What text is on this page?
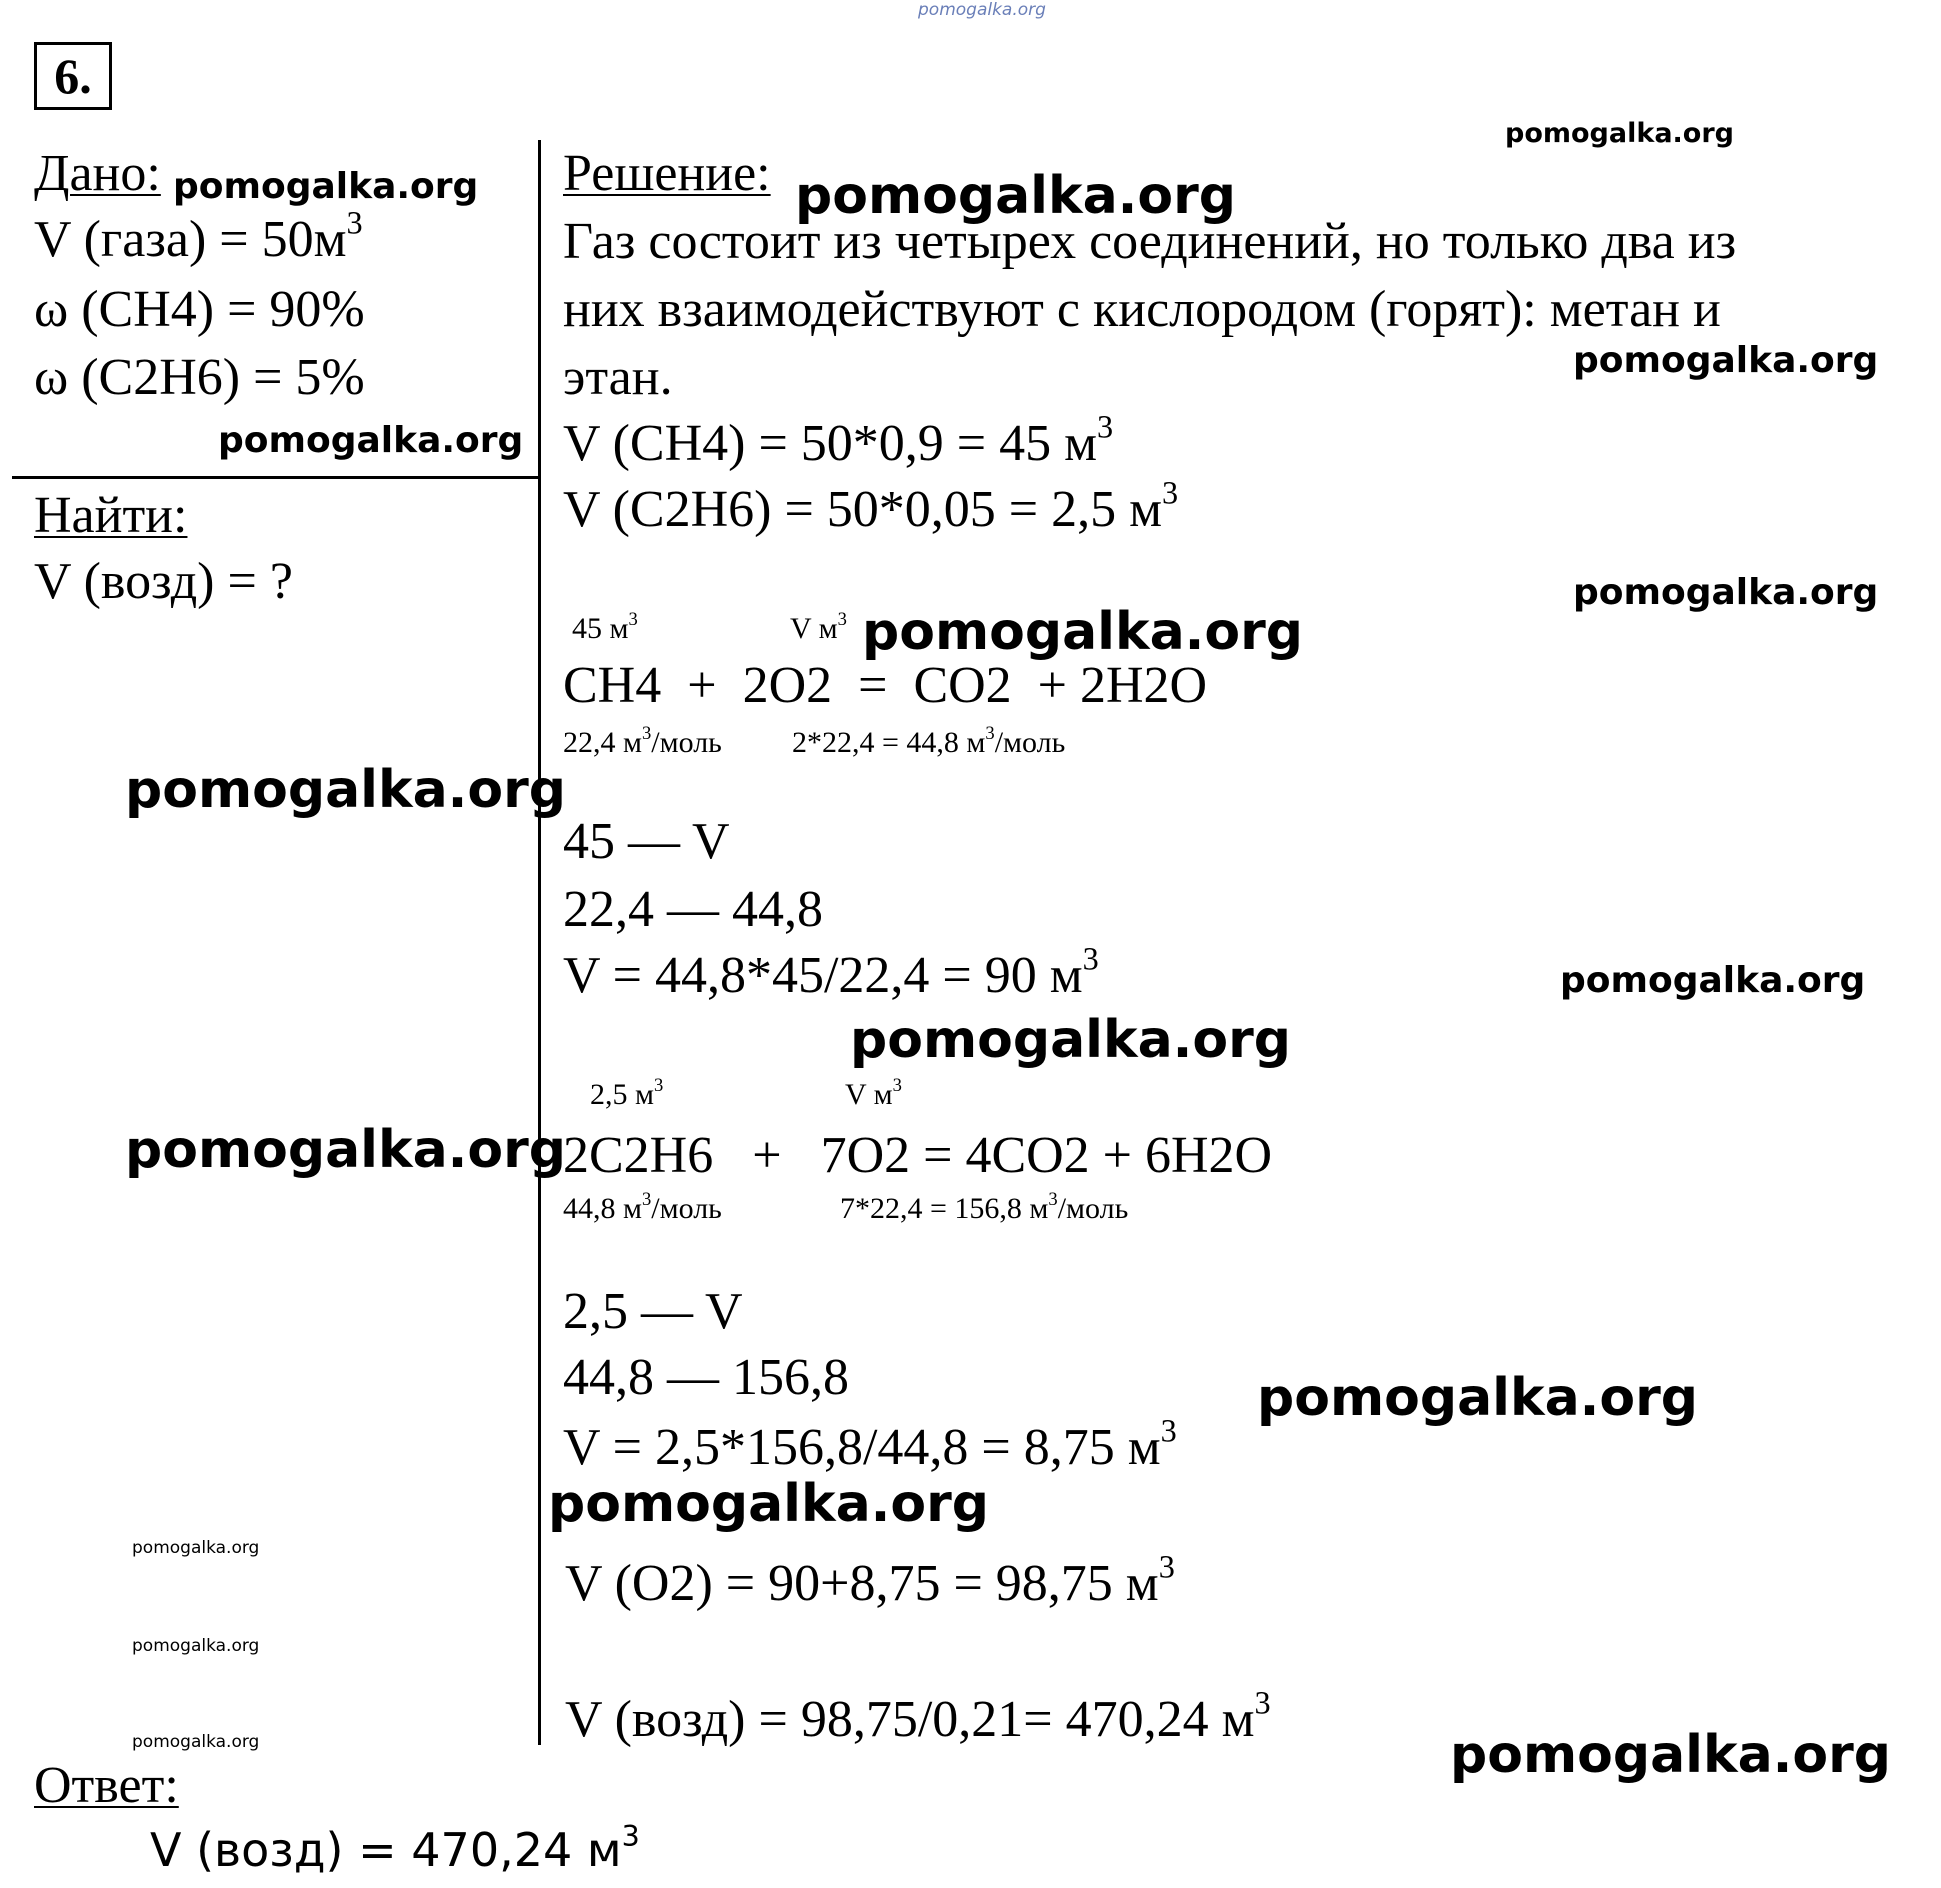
pomogalka.org
6.
Дано:
V (газа) = $50м^3$
ω (CH4) = 90%
ω (C2H6) = 5%
Найти:
V (возд) = ?
Решение:
Газ состоит из четырех соединений, но только два из
них взаимодействуют с кислородом (горят): метан и
этан.
V (CH4) = 50*0,9 = 45 $м^3$
V (C2H6) = 50*0,05 = 2,5 $м^3$
45 $м^3$	V $м^3$
CH4  +  2O2  =  CO2  + 2H2O
22,4 $м^3$/моль 2*22,4 = 44,8 $м^3$/моль
45 — V
22,4 — 44,8
V = 44,8*45/22,4 = 90 $м^3$
2,5 $м^3$	V $м^3$
2C2H6   +   7O2 = 4CO2 + 6H2O
44,8 $м^3$/моль	7*22,4 = 156,8 $м^3$/моль
2,5 — V
44,8 — 156,8
V = 2,5*156,8/44,8 = 8,75 $м^3$
V (O2) = 90+8,75 = 98,75 $м^3$
V (возд) = 98,75/0,21= 470,24 $м^3$
Ответ:
V (возд) = 470,24 $м^3$
pomogalka.org
pomogalka.org	pomogalka.org
pomogalka.org
pomogalka.org
pomogalka.org
pomogalka.org
pomogalka.org
pomogalka.org
pomogalka.org
pomogalka.org
pomogalka.org
pomogalka.org
pomogalka.org
pomogalka.org
pomogalka.org	pomogalka.org
